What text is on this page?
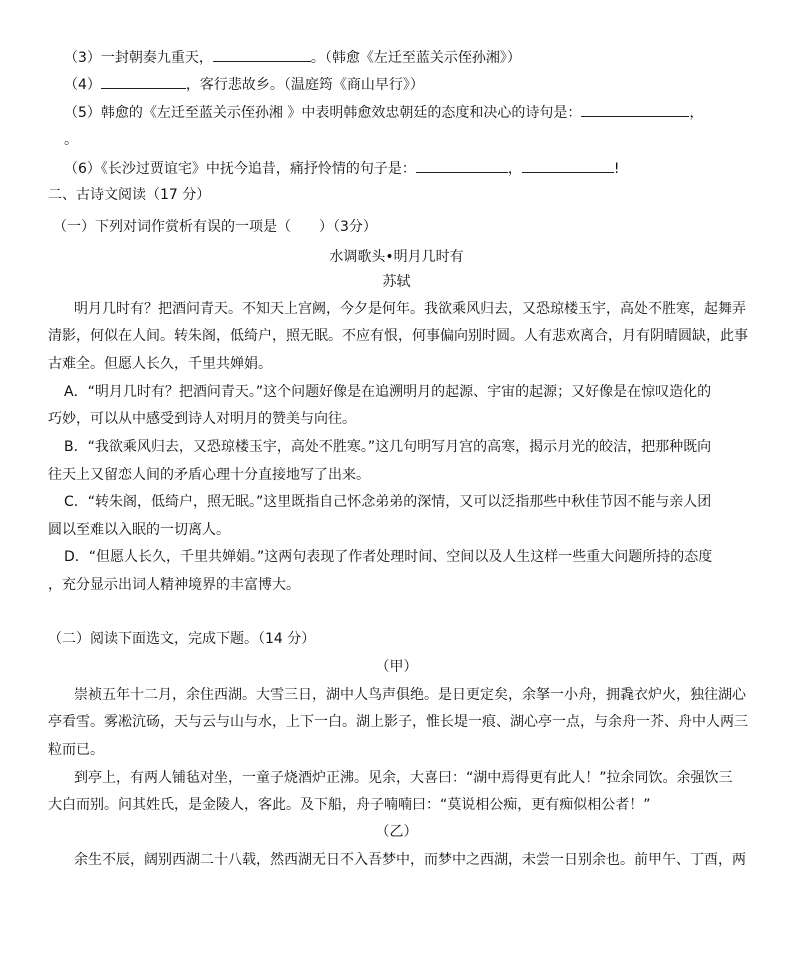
（3）一封朝奏九重天，	。（韩愈《左迁至蓝关示侄孙湘》）
（4）	，客行悲故乡。（温庭筠《商山早行》）
（5）韩愈的《左迁至蓝关示侄孙湘 》中表明韩愈效忠朝廷的态度和决心的诗句是：	，
。
（6）《长沙过贾谊宅》中抚今追昔，痛抒怜情的句子是：	，	!
二、古诗文阅读（17 分）
（一）下列对词作赏析有误的一项是（　　）（3分）
水调歌头•明月几时有
苏轼
明月几时有？把酒问青天。不知天上宫阙，今夕是何年。我欲乘风归去，又恐琼楼玉宇，高处不胜寒，起舞弄
清影，何似在人间。转朱阁，低绮户，照无眠。不应有恨，何事偏向别时圆。人有悲欢离合，月有阴晴圆缺，此事
古难全。但愿人长久，千里共婵娟。
A．“明月几时有？把酒问青天。”这个问题好像是在追溯明月的起源、宇宙的起源；又好像是在惊叹造化的
巧妙，可以从中感受到诗人对明月的赞美与向往。
B．“我欲乘风归去，又恐琼楼玉宇，高处不胜寒。”这几句明写月宫的高寒，揭示月光的皎洁，把那种既向
往天上又留恋人间的矛盾心理十分直接地写了出来。
C．“转朱阁，低绮户，照无眠。”这里既指自己怀念弟弟的深情，又可以泛指那些中秋佳节因不能与亲人团
圆以至难以入眠的一切离人。
D．“但愿人长久，千里共婵娟。”这两句表现了作者处理时间、空间以及人生这样一些重大问题所持的态度
，充分显示出词人精神境界的丰富博大。
（二）阅读下面选文，完成下题。（14 分）
（甲）
崇祯五年十二月，余住西湖。大雪三日，湖中人鸟声俱绝。是日更定矣，余拏一小舟，拥毳衣炉火，独往湖心
亭看雪。雾凇沆砀，天与云与山与水，上下一白。湖上影子，惟长堤一痕、湖心亭一点，与余舟一芥、舟中人两三
粒而已。
到亭上，有两人铺毡对坐，一童子烧酒炉正沸。见余，大喜曰：“湖中焉得更有此人！”拉余同饮。余强饮三
大白而别。问其姓氏，是金陵人，客此。及下船，舟子喃喃曰：“莫说相公痴，更有痴似相公者！”
（乙）
余生不辰，阔别西湖二十八载，然西湖无日不入吾梦中，而梦中之西湖，未尝一日别余也。前甲午、丁酉，两
